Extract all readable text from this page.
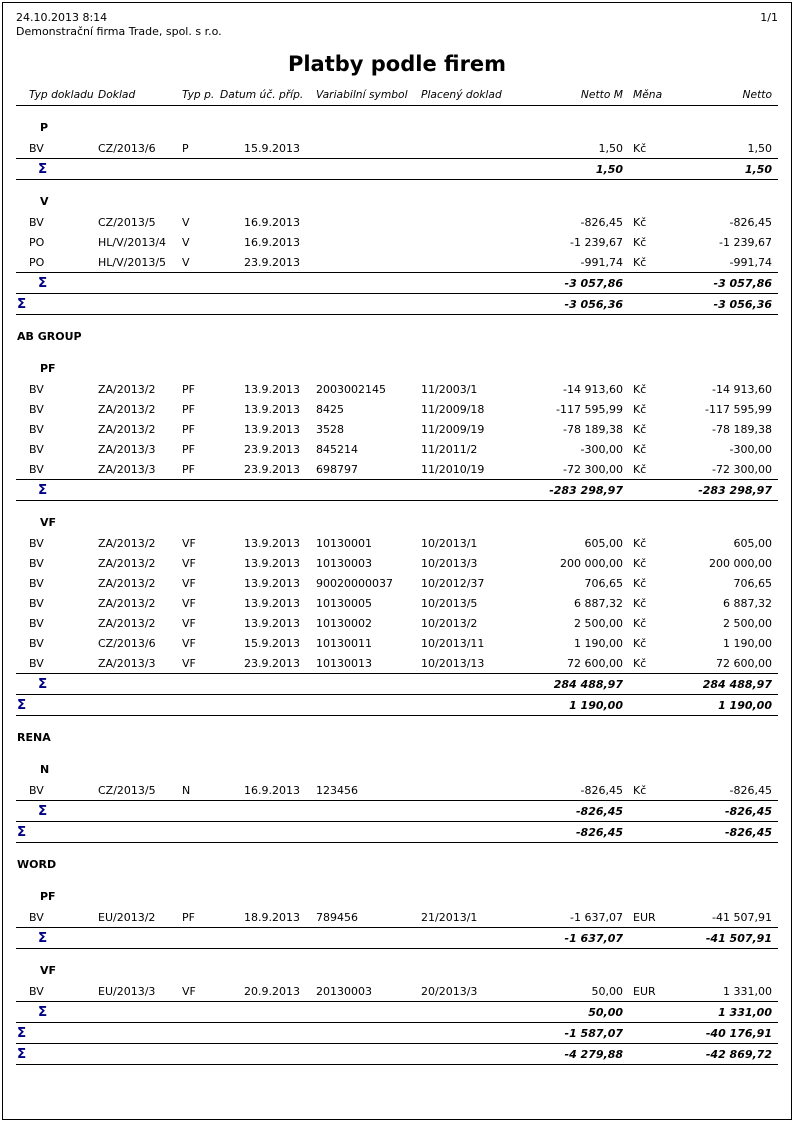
24.10.2013 8:14	1/1
Demonstrační firma Trade, spol. s r.o.
Platby podle firem
Typ dokladu	Doklad	Typ p.	Datum úč. příp.	Variabilní symbol	Placený doklad	Netto M	Měna	Netto
P								
BV	CZ/2013/6	P	15.9.2013			1,50	Kč	1,50
Σ						1,50		1,50
V								
BV	CZ/2013/5	V	16.9.2013			-826,45	Kč	-826,45
PO	HL/V/2013/4	V	16.9.2013			-1 239,67	Kč	-1 239,67
PO	HL/V/2013/5	V	23.9.2013			-991,74	Kč	-991,74
Σ						-3 057,86		-3 057,86
Σ						-3 056,36		-3 056,36
AB GROUP								
PF								
BV	ZA/2013/2	PF	13.9.2013	2003002145	11/2003/1	-14 913,60	Kč	-14 913,60
BV	ZA/2013/2	PF	13.9.2013	8425	11/2009/18	-117 595,99	Kč	-117 595,99
BV	ZA/2013/2	PF	13.9.2013	3528	11/2009/19	-78 189,38	Kč	-78 189,38
BV	ZA/2013/3	PF	23.9.2013	845214	11/2011/2	-300,00	Kč	-300,00
BV	ZA/2013/3	PF	23.9.2013	698797	11/2010/19	-72 300,00	Kč	-72 300,00
Σ						-283 298,97		-283 298,97
VF								
BV	ZA/2013/2	VF	13.9.2013	10130001	10/2013/1	605,00	Kč	605,00
BV	ZA/2013/2	VF	13.9.2013	10130003	10/2013/3	200 000,00	Kč	200 000,00
BV	ZA/2013/2	VF	13.9.2013	90020000037	10/2012/37	706,65	Kč	706,65
BV	ZA/2013/2	VF	13.9.2013	10130005	10/2013/5	6 887,32	Kč	6 887,32
BV	ZA/2013/2	VF	13.9.2013	10130002	10/2013/2	2 500,00	Kč	2 500,00
BV	CZ/2013/6	VF	15.9.2013	10130011	10/2013/11	1 190,00	Kč	1 190,00
BV	ZA/2013/3	VF	23.9.2013	10130013	10/2013/13	72 600,00	Kč	72 600,00
Σ						284 488,97		284 488,97
Σ						1 190,00		1 190,00
RENA								
N								
BV	CZ/2013/5	N	16.9.2013	123456		-826,45	Kč	-826,45
Σ						-826,45		-826,45
Σ						-826,45		-826,45
WORD								
PF								
BV	EU/2013/2	PF	18.9.2013	789456	21/2013/1	-1 637,07	EUR	-41 507,91
Σ						-1 637,07		-41 507,91
VF								
BV	EU/2013/3	VF	20.9.2013	20130003	20/2013/3	50,00	EUR	1 331,00
Σ						50,00		1 331,00
Σ						-1 587,07		-40 176,91
Σ						-4 279,88		-42 869,72
